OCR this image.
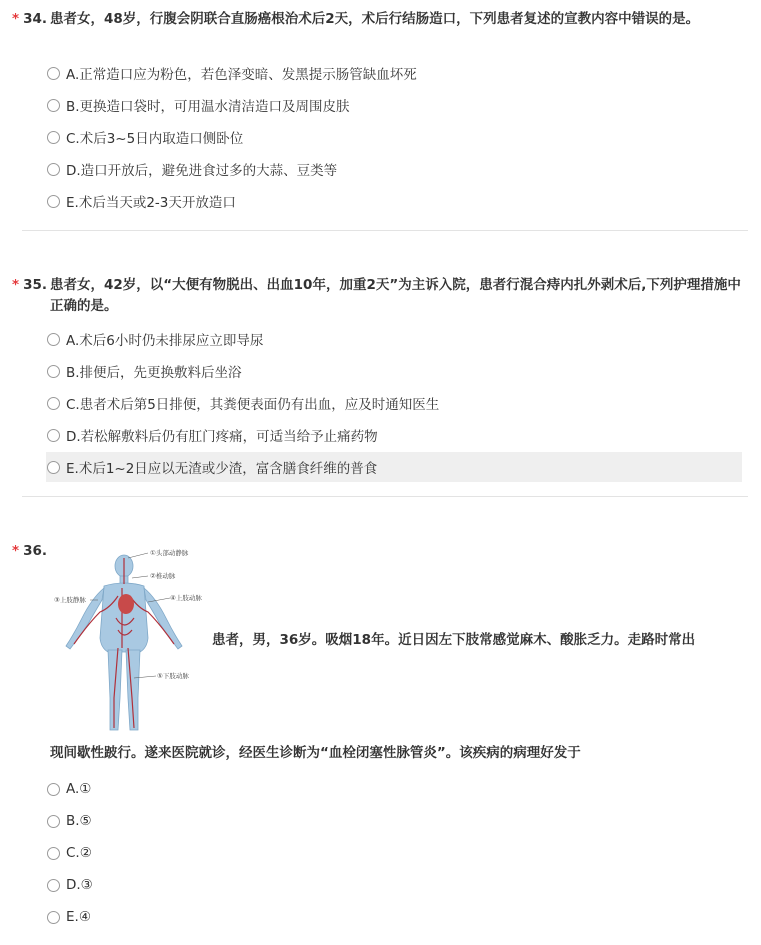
* 34. 患者女，48岁，行腹会阴联合直肠癌根治术后2天，术后行结肠造口，下列患者复述的宣教内容中错误的是。
A.正常造口应为粉色，若色泽变暗、发黑提示肠管缺血坏死
B.更换造口袋时，可用温水清洁造口及周围皮肤
C.术后3~5日内取造口侧卧位
D.造口开放后，避免进食过多的大蒜、豆类等
E.术后当天或2-3天开放造口
* 35. 患者女，42岁，以“大便有物脱出、出血10年，加重2天”为主诉入院，患者行混合痔内扎外剥术后,下列护理措施中正确的是。
A.术后6小时仍未排尿应立即导尿
B.排便后，先更换敷料后坐浴
C.患者术后第5日排便，其粪便表面仍有出血，应及时通知医生
D.若松解敷料后仍有肛门疼痛，可适当给予止痛药物
E.术后1~2日应以无渣或少渣，富含膳食纤维的普食
* 36.	①头部动静脉
②椎动脉
③上肢静脉	④上肢动脉
⑤下肢动脉
患者，男，36岁。吸烟18年。近日因左下肢常感觉麻木、酸胀乏力。走路时常出
现间歇性跛行。遂来医院就诊，经医生诊断为“血栓闭塞性脉管炎”。该疾病的病理好发于
A.①
B.⑤
C.②
D.③
E.④
